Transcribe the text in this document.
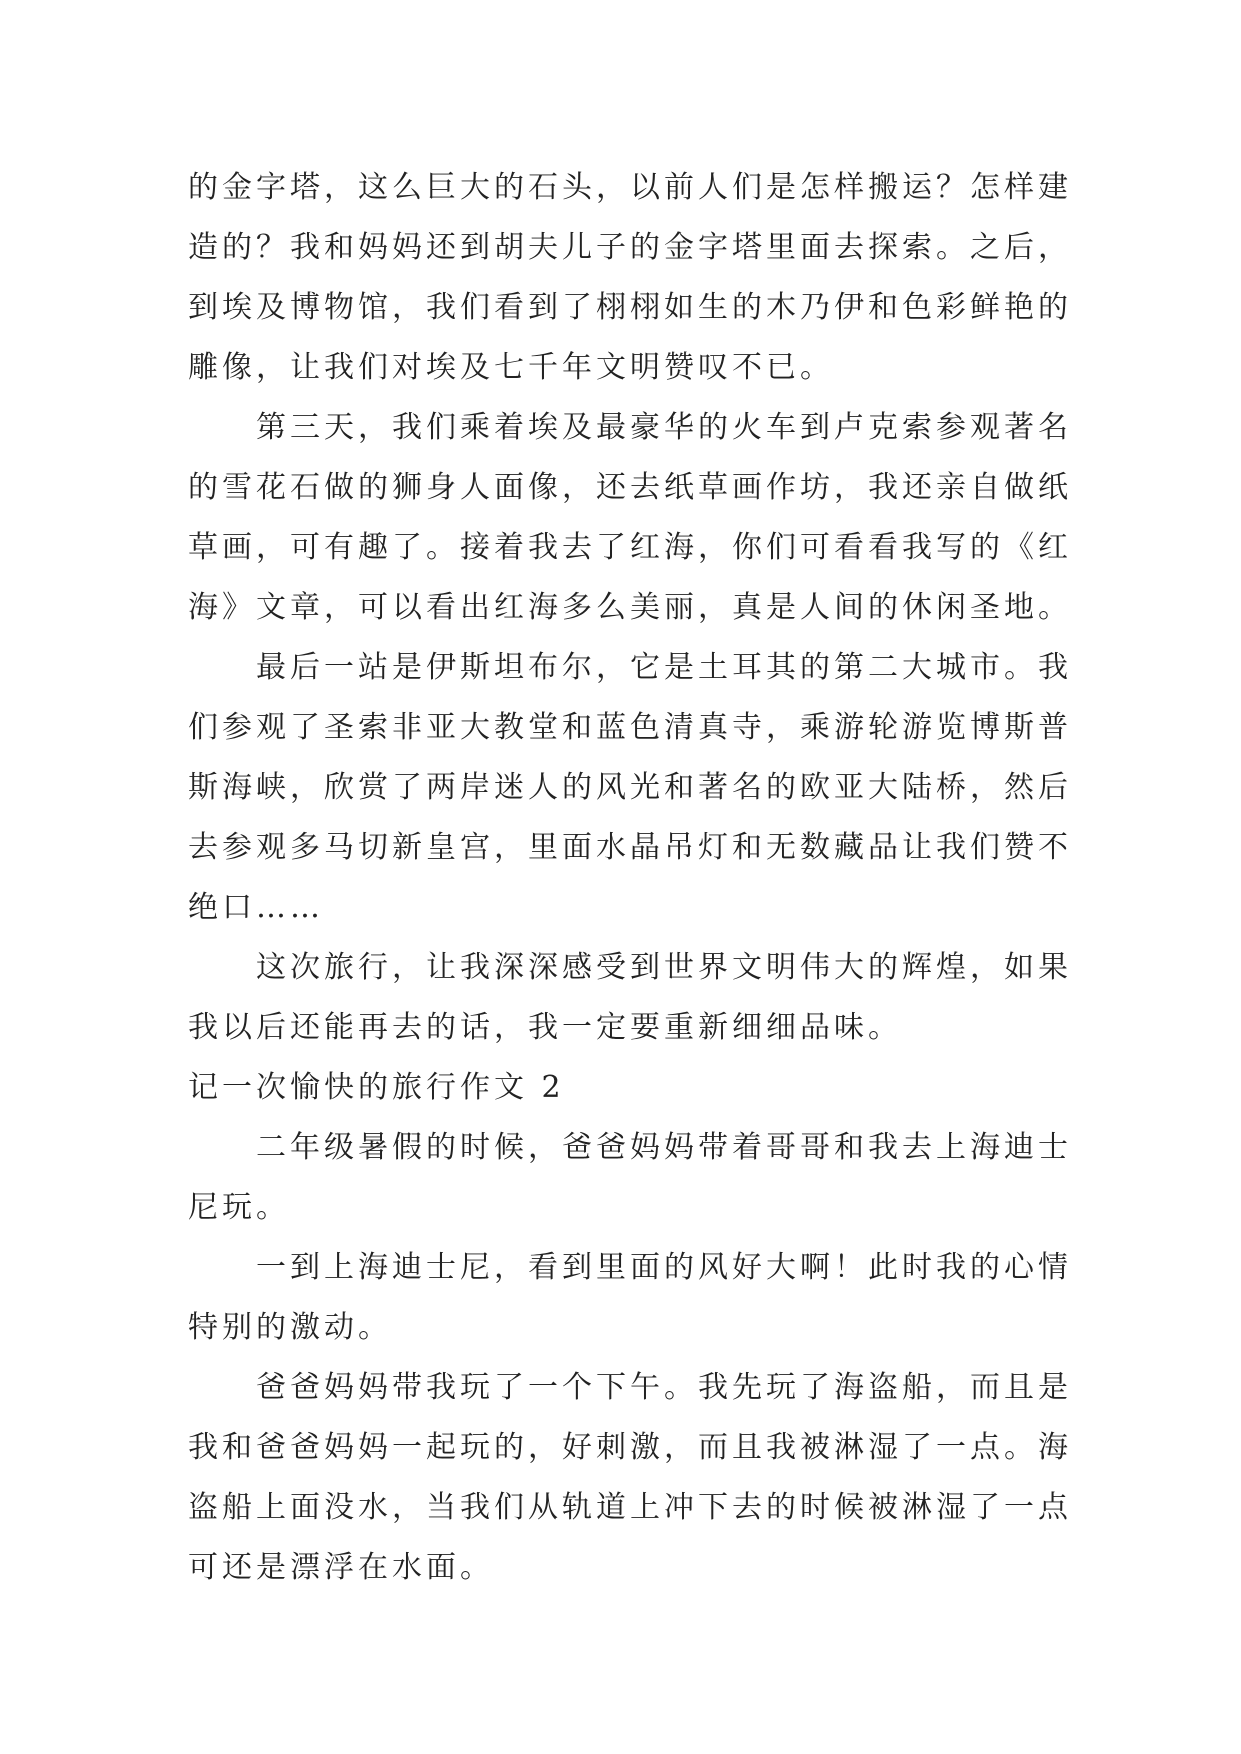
的金字塔，这么巨大的石头，以前人们是怎样搬运？怎样建
造的？我和妈妈还到胡夫儿子的金字塔里面去探索。之后，
到埃及博物馆，我们看到了栩栩如生的木乃伊和色彩鲜艳的
雕像，让我们对埃及七千年文明赞叹不已。
第三天，我们乘着埃及最豪华的火车到卢克索参观著名
的雪花石做的狮身人面像，还去纸草画作坊，我还亲自做纸
草画，可有趣了。接着我去了红海，你们可看看我写的《红
海》文章，可以看出红海多么美丽，真是人间的休闲圣地。
最后一站是伊斯坦布尔，它是土耳其的第二大城市。我
们参观了圣索非亚大教堂和蓝色清真寺，乘游轮游览博斯普
斯海峡，欣赏了两岸迷人的风光和著名的欧亚大陆桥，然后
去参观多马切新皇宫，里面水晶吊灯和无数藏品让我们赞不
绝口……
这次旅行，让我深深感受到世界文明伟大的辉煌，如果
我以后还能再去的话，我一定要重新细细品味。
记一次愉快的旅行作文 2
二年级暑假的时候，爸爸妈妈带着哥哥和我去上海迪士
尼玩。
一到上海迪士尼，看到里面的风好大啊！此时我的心情
特别的激动。
爸爸妈妈带我玩了一个下午。我先玩了海盗船，而且是
我和爸爸妈妈一起玩的，好刺激，而且我被淋湿了一点。海
盗船上面没水，当我们从轨道上冲下去的时候被淋湿了一点
可还是漂浮在水面。
